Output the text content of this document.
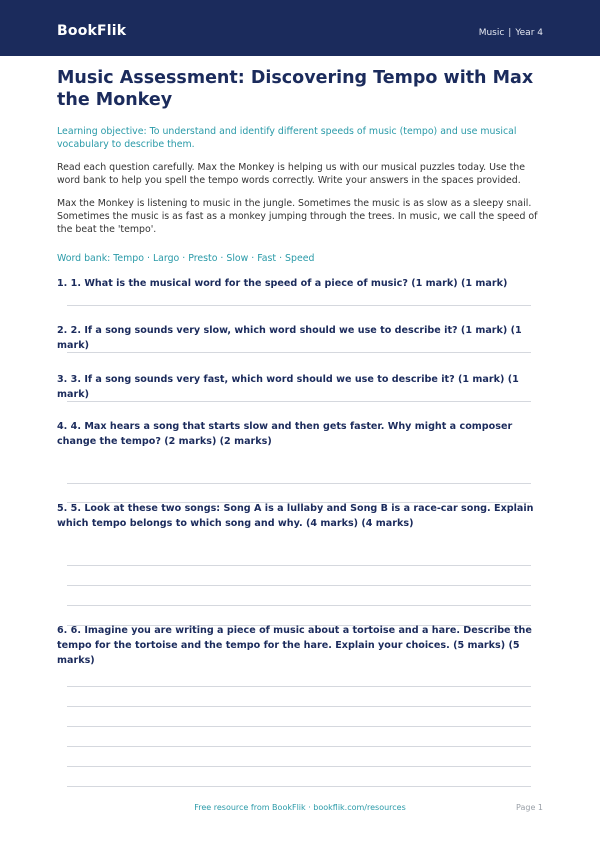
BookFlik	Music | Year 4
Music Assessment: Discovering Tempo with Max the Monkey
Learning objective: To understand and identify different speeds of music (tempo) and use musical vocabulary to describe them.
Read each question carefully. Max the Monkey is helping us with our musical puzzles today. Use the word bank to help you spell the tempo words correctly. Write your answers in the spaces provided.
Max the Monkey is listening to music in the jungle. Sometimes the music is as slow as a sleepy snail. Sometimes the music is as fast as a monkey jumping through the trees. In music, we call the speed of the beat the 'tempo'.
Word bank: Tempo · Largo · Presto · Slow · Fast · Speed
1. 1. What is the musical word for the speed of a piece of music? (1 mark) (1 mark)
2. 2. If a song sounds very slow, which word should we use to describe it? (1 mark) (1 mark)
3. 3. If a song sounds very fast, which word should we use to describe it? (1 mark) (1 mark)
4. 4. Max hears a song that starts slow and then gets faster. Why might a composer change the tempo? (2 marks) (2 marks)
5. 5. Look at these two songs: Song A is a lullaby and Song B is a race-car song. Explain which tempo belongs to which song and why. (4 marks) (4 marks)
6. 6. Imagine you are writing a piece of music about a tortoise and a hare. Describe the tempo for the tortoise and the tempo for the hare. Explain your choices. (5 marks) (5 marks)
Free resource from BookFlik · bookflik.com/resources	Page 1
